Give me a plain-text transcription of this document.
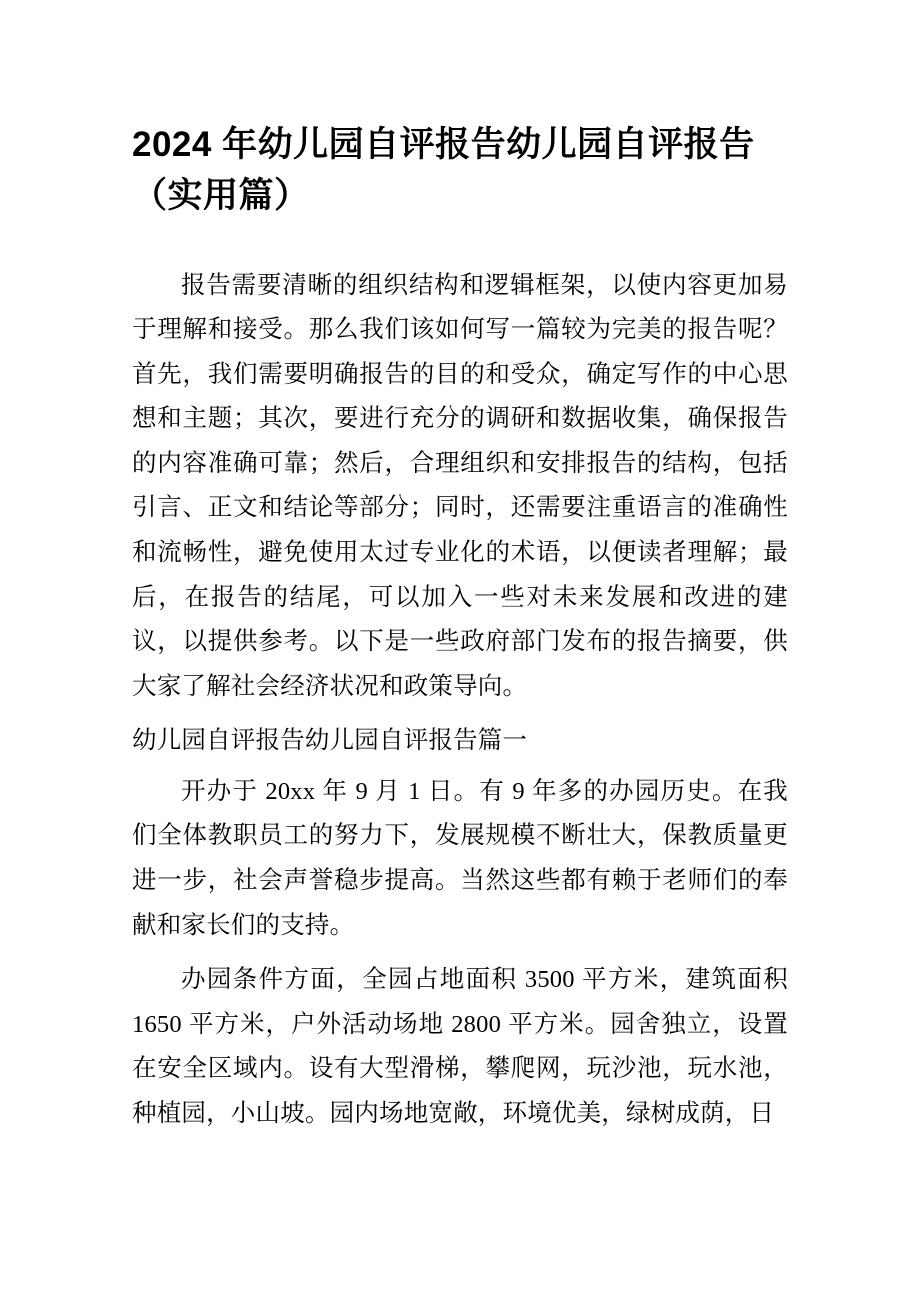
2024 年幼儿园自评报告幼儿园自评报告（实用篇）

报告需要清晰的组织结构和逻辑框架，以使内容更加易于理解和接受。那么我们该如何写一篇较为完美的报告呢？首先，我们需要明确报告的目的和受众，确定写作的中心思想和主题；其次，要进行充分的调研和数据收集，确保报告的内容准确可靠；然后，合理组织和安排报告的结构，包括引言、正文和结论等部分；同时，还需要注重语言的准确性和流畅性，避免使用太过专业化的术语，以便读者理解；最后，在报告的结尾，可以加入一些对未来发展和改进的建议，以提供参考。以下是一些政府部门发布的报告摘要，供大家了解社会经济状况和政策导向。

幼儿园自评报告幼儿园自评报告篇一

开办于 20xx 年 9 月 1 日。有 9 年多的办园历史。在我们全体教职员工的努力下，发展规模不断壮大，保教质量更进一步，社会声誉稳步提高。当然这些都有赖于老师们的奉献和家长们的支持。

办园条件方面，全园占地面积 3500 平方米，建筑面积 1650 平方米，户外活动场地 2800 平方米。园舍独立，设置在安全区域内。设有大型滑梯，攀爬网，玩沙池，玩水池，种植园，小山坡。园内场地宽敞，环境优美，绿树成荫，日
